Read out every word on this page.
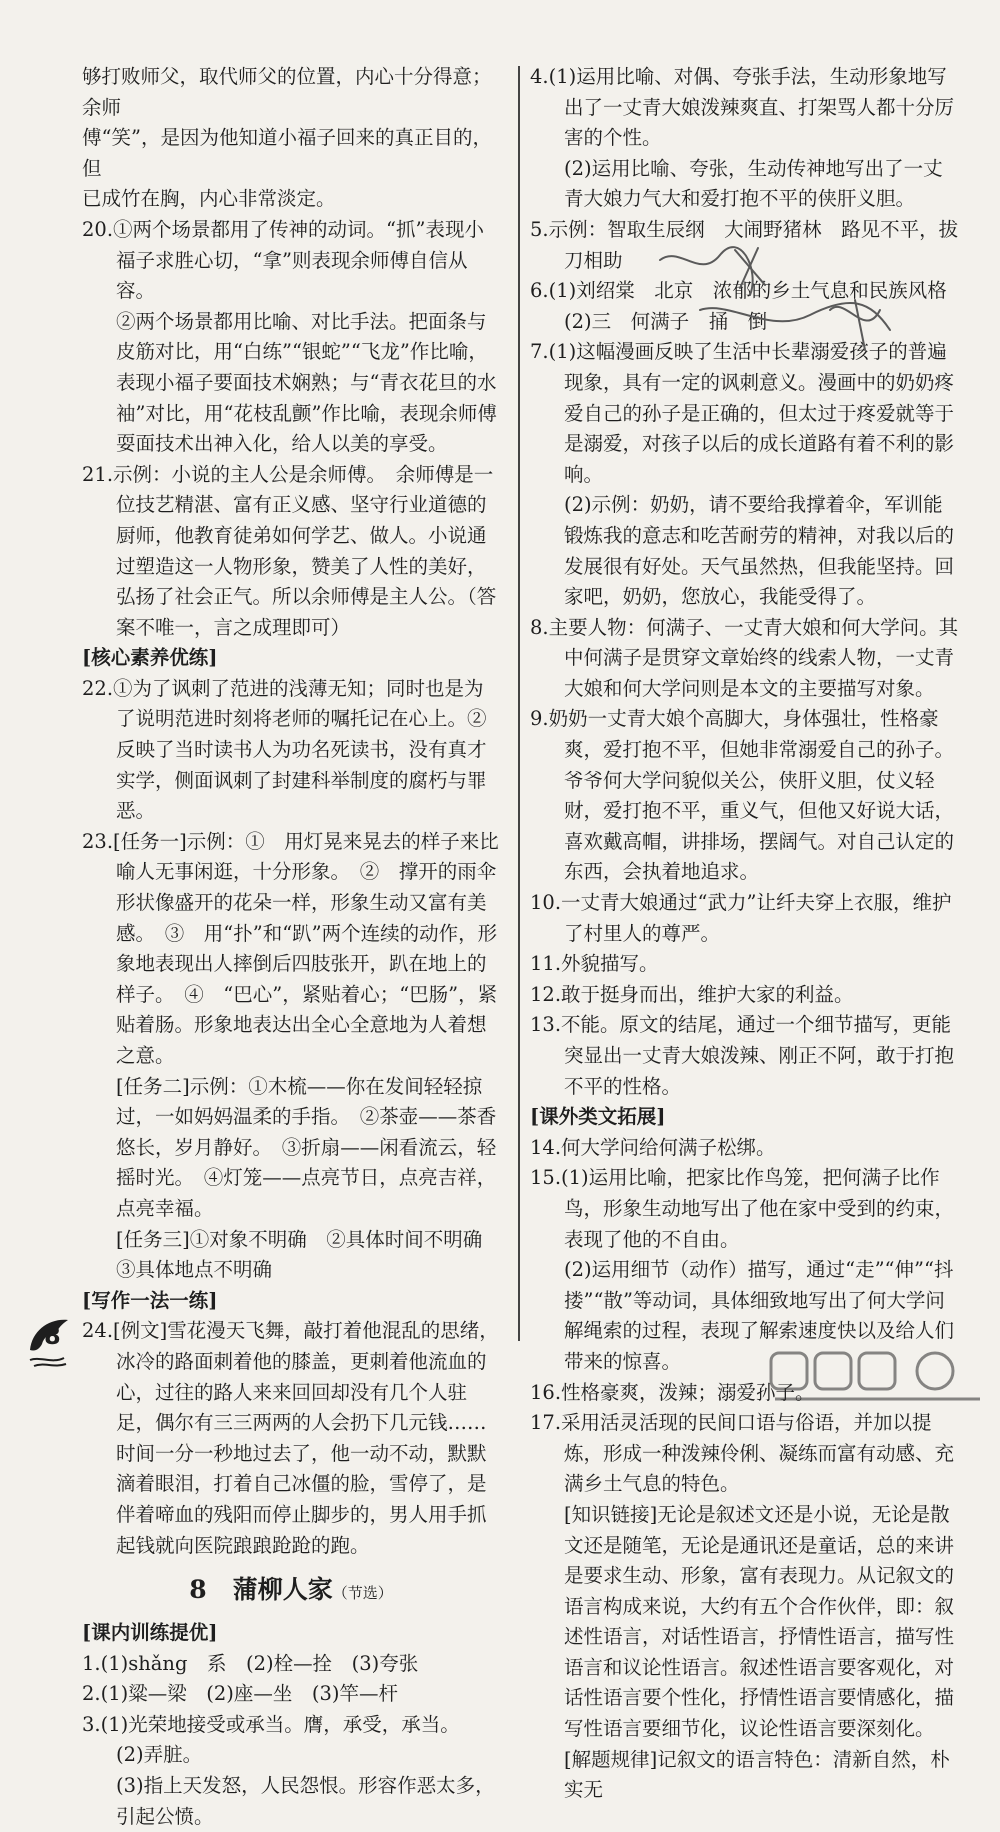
够打败师父，取代师父的位置，内心十分得意；余师
傅“笑”，是因为他知道小福子回来的真正目的，但
已成竹在胸，内心非常淡定。
20.①两个场景都用了传神的动词。“抓”表现小福子求胜心切，“拿”则表现余师傅自信从容。
②两个场景都用比喻、对比手法。把面条与皮筋对比，用“白练”“银蛇”“飞龙”作比喻，表现小福子要面技术娴熟；与“青衣花旦的水袖”对比，用“花枝乱颤”作比喻，表现余师傅耍面技术出神入化，给人以美的享受。
21.示例：小说的主人公是余师傅。　余师傅是一位技艺精湛、富有正义感、坚守行业道德的厨师，他教育徒弟如何学艺、做人。小说通过塑造这一人物形象，赞美了人性的美好，弘扬了社会正气。所以余师傅是主人公。（答案不唯一，言之成理即可）
[核心素养优练]
22.①为了讽刺了范进的浅薄无知；同时也是为了说明范进时刻将老师的嘱托记在心上。②反映了当时读书人为功名死读书，没有真才实学，侧面讽刺了封建科举制度的腐朽与罪恶。
23.[任务一]示例：①　用灯晃来晃去的样子来比喻人无事闲逛，十分形象。　②　撑开的雨伞形状像盛开的花朵一样，形象生动又富有美感。　③　用“扑”和“趴”两个连续的动作，形象地表现出人摔倒后四肢张开，趴在地上的样子。　④　“巴心”，紧贴着心；“巴肠”，紧贴着肠。形象地表达出全心全意地为人着想之意。
[任务二]示例：①木梳——你在发间轻轻掠过，一如妈妈温柔的手指。　②茶壶——茶香悠长，岁月静好。　③折扇——闲看流云，轻摇时光。　④灯笼——点亮节日，点亮吉祥，点亮幸福。
[任务三]①对象不明确　②具体时间不明确
③具体地点不明确
[写作一法一练]
24.[例文]雪花漫天飞舞，敲打着他混乱的思绪，冰冷的路面刺着他的膝盖，更刺着他流血的心，过往的路人来来回回却没有几个人驻足，偶尔有三三两两的人会扔下几元钱……时间一分一秒地过去了，他一动不动，默默滴着眼泪，打着自己冰僵的脸，雪停了，是伴着啼血的残阳而停止脚步的，男人用手抓起钱就向医院踉踉跄跄的跑。
8 蒲柳人家（节选）
[课内训练提优]
1.(1)shǎng　系　(2)栓—拴　(3)夸张
2.(1)粱—梁　(2)座—坐　(3)竿—杆
3.(1)光荣地接受或承当。膺，承受，承当。
(2)弄脏。
(3)指上天发怒，人民怨恨。形容作恶太多，引起公愤。
4.(1)运用比喻、对偶、夸张手法，生动形象地写出了一丈青大娘泼辣爽直、打架骂人都十分厉害的个性。
(2)运用比喻、夸张，生动传神地写出了一丈青大娘力气大和爱打抱不平的侠肝义胆。
5.示例：智取生辰纲　大闹野猪林　路见不平，拔刀相助
6.(1)刘绍棠　北京　浓郁的乡土气息和民族风格
(2)三　何满子　捅　倒
7.(1)这幅漫画反映了生活中长辈溺爱孩子的普遍现象，具有一定的讽刺意义。漫画中的奶奶疼爱自己的孙子是正确的，但太过于疼爱就等于是溺爱，对孩子以后的成长道路有着不利的影响。
(2)示例：奶奶，请不要给我撑着伞，军训能锻炼我的意志和吃苦耐劳的精神，对我以后的发展很有好处。天气虽然热，但我能坚持。回家吧，奶奶，您放心，我能受得了。
8.主要人物：何满子、一丈青大娘和何大学问。其中何满子是贯穿文章始终的线索人物，一丈青大娘和何大学问则是本文的主要描写对象。
9.奶奶一丈青大娘个高脚大，身体强壮，性格豪爽，爱打抱不平，但她非常溺爱自己的孙子。　爷爷何大学问貌似关公，侠肝义胆，仗义轻财，爱打抱不平，重义气，但他又好说大话，喜欢戴高帽，讲排场，摆阔气。对自己认定的东西，会执着地追求。
10.一丈青大娘通过“武力”让纤夫穿上衣服，维护了村里人的尊严。
11.外貌描写。
12.敢于挺身而出，维护大家的利益。
13.不能。原文的结尾，通过一个细节描写，更能突显出一丈青大娘泼辣、刚正不阿，敢于打抱不平的性格。
[课外类文拓展]
14.何大学问给何满子松绑。
15.(1)运用比喻，把家比作鸟笼，把何满子比作鸟，形象生动地写出了他在家中受到的约束，表现了他的不自由。
(2)运用细节（动作）描写，通过“走”“伸”“抖搂”“散”等动词，具体细致地写出了何大学问解绳索的过程，表现了解索速度快以及给人们带来的惊喜。
16.性格豪爽，泼辣；溺爱孙子。
17.采用活灵活现的民间口语与俗语，并加以提炼，形成一种泼辣伶俐、凝练而富有动感、充满乡土气息的特色。
[知识链接]无论是叙述文还是小说，无论是散文还是随笔，无论是通讯还是童话，总的来讲是要求生动、形象，富有表现力。从记叙文的语言构成来说，大约有五个合作伙伴，即：叙述性语言，对话性语言，抒情性语言，描写性语言和议论性语言。叙述性语言要客观化，对话性语言要个性化，抒情性语言要情感化，描写性语言要细节化，议论性语言要深刻化。
[解题规律]记叙文的语言特色：清新自然，朴实无
8
